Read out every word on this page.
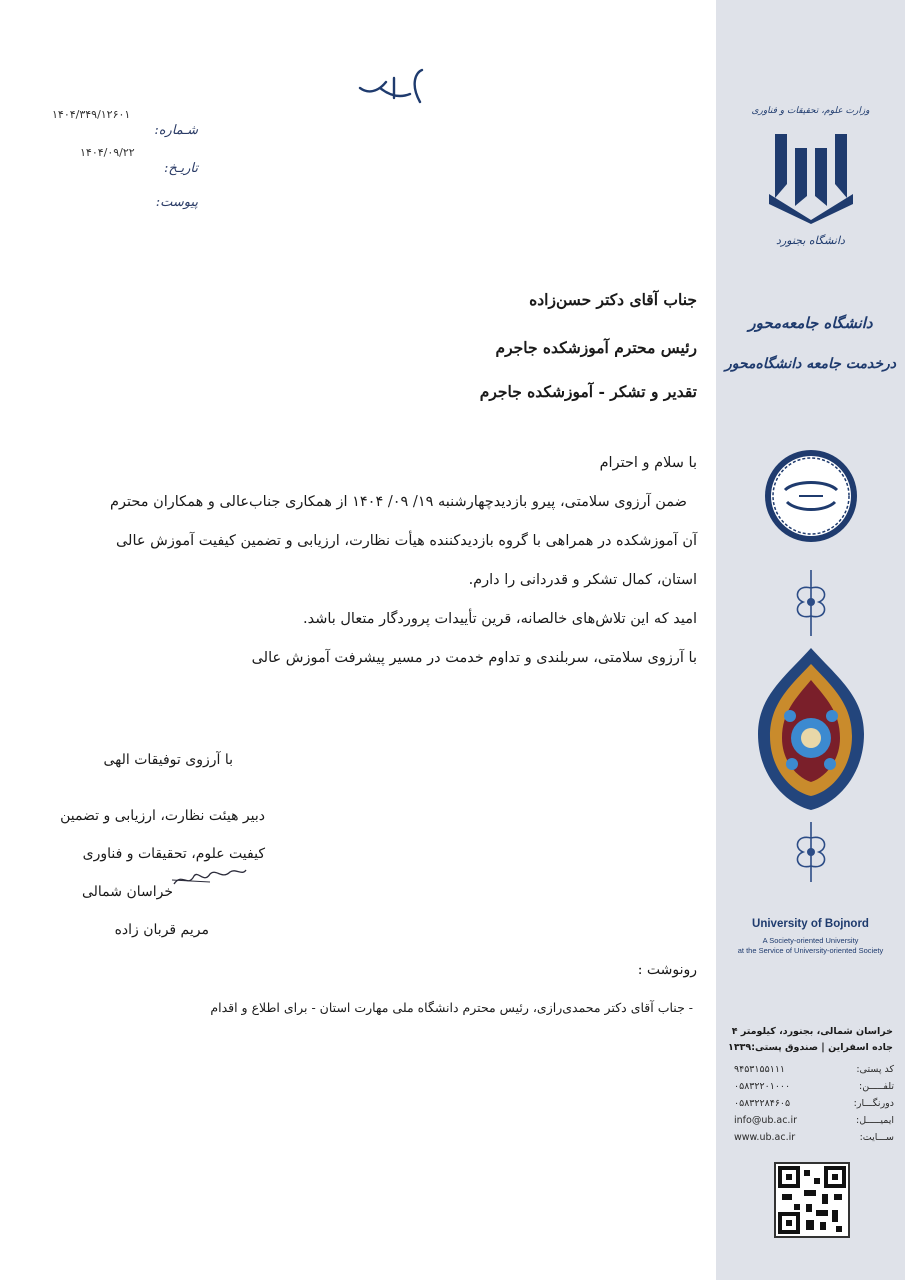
۱۴۰۴/۳۴۹/۱۲۶۰۱
شـماره:
۱۴۰۴/۰۹/۲۲
تاریـخ:
پیوست:
جناب آقای دکتر حسن‌زاده
رئیس محترم آموزشکده جاجرم
تقدیر و تشکر - آموزشکده جاجرم
با سلام و احترام
ضمن آرزوی سلامتی، پیرو بازدیدچهارشنبه ۱۹/ ۰۹/ ۱۴۰۴ از همکاری جناب‌عالی و همکاران محترم
آن آموزشکده در همراهی با گروه بازدیدکننده هیأت نظارت، ارزیابی و تضمین کیفیت آموزش عالی
استان، کمال تشکر و قدردانی را دارم.
امید که این تلاش‌های خالصانه، قرین تأییدات پروردگار متعال باشد.
با آرزوی سلامتی، سربلندی و تداوم خدمت در مسیر پیشرفت آموزش عالی
با آرزوی توفیقات الهی
دبیر هیئت نظارت، ارزیابی و تضمین
کیفیت علوم، تحقیقات و فناوری
خراسان شمالی
مریم قربان زاده
رونوشت :
- جناب آقای دکتر محمدی‌رازی، رئیس محترم دانشگاه ملی مهارت استان - برای اطلاع و اقدام
وزارت علوم، تحقیقات و فناوری
دانشگاه بجنورد
دانشگاه جامعه‌محور
درخدمت جامعه دانشگاه‌محور
University of Bojnord
A Society-oriented University
at the Service of University-oriented Society
خراسان شمالی، بجنورد، کیلومتر ۴
جاده اسفراین | صندوق پستی:۱۳۳۹
کد پستی:
۹۴۵۳۱۵۵۱۱۱
تلفـــــن:
۰۵۸۳۲۲۰۱۰۰۰
دورنگـــار:
۰۵۸۳۲۲۸۴۶۰۵
ایمیـــــل:
info@ub.ac.ir
ســـایت:
www.ub.ac.ir
